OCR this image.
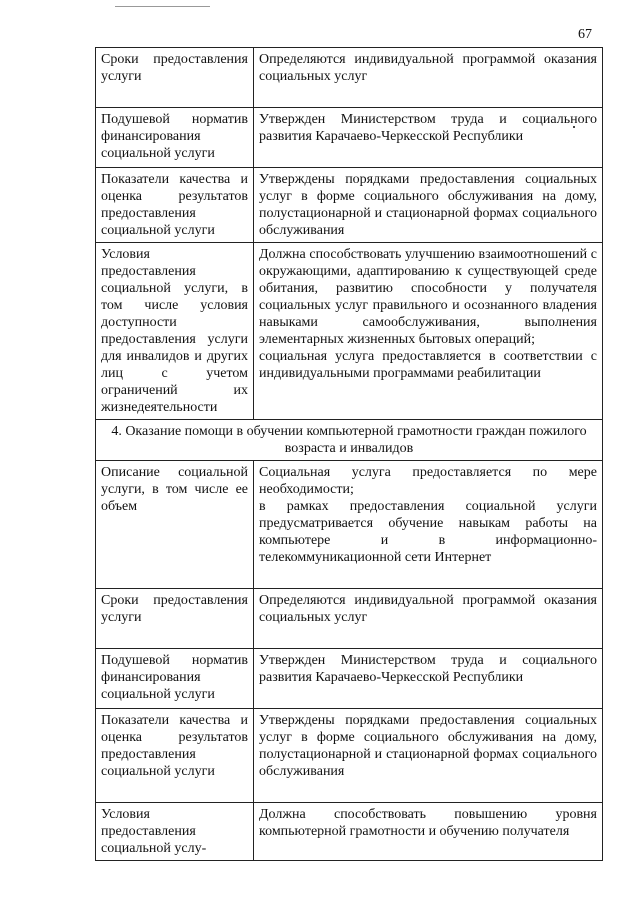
67
Сроки предоставления услуги	Определяются индивидуальной программой оказания социальных услуг

Подушевой норматив финансирования социальной услуги	Утвержден Министерством труда и социального развития Карачаево-Черкесской Республики

Показатели качества и оценка результатов предоставления социальной услуги	Утверждены порядками предоставления социальных услуг в форме социального обслуживания на дому, полустационарной и стационарной формах социального обслуживания

Условия предоставления социальной услуги, в том числе условия доступности предоставления услуги для инвалидов и других лиц с учетом ограничений их жизнедеятельности	Должна способствовать улучшению взаимоотношений с окружающими, адаптированию к существующей среде обитания, развитию способности у получателя социальных услуг правильного и осознанного владения навыками самообслуживания, выполнения элементарных жизненных бытовых операций;
социальная услуга предоставляется в соответствии с индивидуальными программами реабилитации

4. Оказание помощи в обучении компьютерной грамотности граждан пожилого возраста и инвалидов	
Описание социальной услуги, в том числе ее объем	Социальная услуга предоставляется по мере необходимости;
в рамках предоставления социальной услуги предусматривается обучение навыкам работы на компьютере и в информационно-телекоммуникационной сети Интернет

Сроки предоставления услуги	Определяются индивидуальной программой оказания социальных услуг

Подушевой норматив финансирования социальной услуги	Утвержден Министерством труда и социального развития Карачаево-Черкесской Республики

Показатели качества и оценка результатов предоставления социальной услуги	Утверждены порядками предоставления социальных услуг в форме социального обслуживания на дому, полустационарной и стационарной формах социального обслуживания

Условия предоставления социальной услу-	Должна способствовать повышению уровня компьютерной грамотности и обучению получателя
